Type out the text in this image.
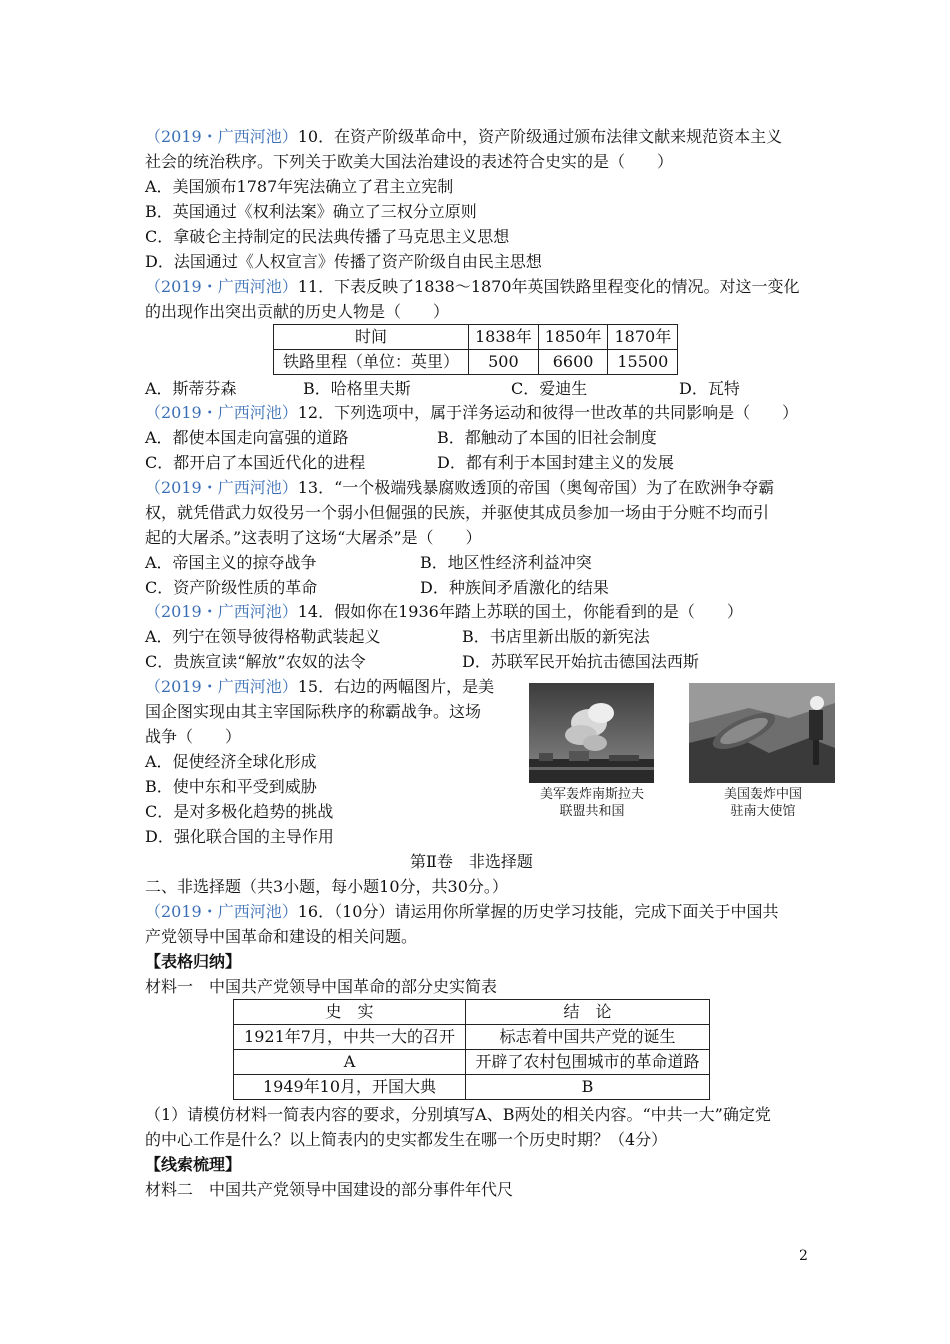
（2019・广西河池）10．在资产阶级革命中，资产阶级通过颁布法律文献来规范资本主义
社会的统治秩序。下列关于欧美大国法治建设的表述符合史实的是（　　）
A．美国颁布1787年宪法确立了君主立宪制
B．英国通过《权利法案》确立了三权分立原则
C．拿破仑主持制定的民法典传播了马克思主义思想
D．法国通过《人权宣言》传播了资产阶级自由民主思想
（2019・广西河池）11．下表反映了1838～1870年英国铁路里程变化的情况。对这一变化
的出现作出突出贡献的历史人物是（　　）
时间	1838年	1850年	1870年
铁路里程（单位：英里）	500	6600	15500
A．斯蒂芬森	B．哈格里夫斯	C．爱迪生	D．瓦特
（2019・广西河池）12．下列选项中，属于洋务运动和彼得一世改革的共同影响是（　　）
A．都使本国走向富强的道路	B．都触动了本国的旧社会制度
C．都开启了本国近代化的进程	D．都有利于本国封建主义的发展
（2019・广西河池）13．“一个极端残暴腐败透顶的帝国（奥匈帝国）为了在欧洲争夺霸
权，就凭借武力奴役另一个弱小但倔强的民族，并驱使其成员参加一场由于分赃不均而引
起的大屠杀。”这表明了这场“大屠杀”是（　　）
A．帝国主义的掠夺战争	B．地区性经济利益冲突
C．资产阶级性质的革命	D．种族间矛盾激化的结果
（2019・广西河池）14．假如你在1936年踏上苏联的国土，你能看到的是（　　）
A．列宁在领导彼得格勒武装起义	B．书店里新出版的新宪法
C．贵族宣读“解放”农奴的法令	D．苏联军民开始抗击德国法西斯
（2019・广西河池）15．右边的两幅图片，是美
国企图实现由其主宰国际秩序的称霸战争。这场
战争（　　）
A．促使经济全球化形成
B．使中东和平受到威胁
C．是对多极化趋势的挑战
D．强化联合国的主导作用
美军轰炸南斯拉夫
联盟共和国
美国轰炸中国
驻南大使馆
第Ⅱ卷　非选择题
二、非选择题（共3小题，每小题10分，共30分。）
（2019・广西河池）16．（10分）请运用你所掌握的历史学习技能，完成下面关于中国共
产党领导中国革命和建设的相关问题。
【表格归纳】
材料一　中国共产党领导中国革命的部分史实简表
史　实	结　论
1921年7月，中共一大的召开	标志着中国共产党的诞生
A	开辟了农村包围城市的革命道路
1949年10月，开国大典	B
（1）请模仿材料一简表内容的要求，分别填写A、B两处的相关内容。“中共一大”确定党
的中心工作是什么？以上简表内的史实都发生在哪一个历史时期？（4分）
【线索梳理】
材料二　中国共产党领导中国建设的部分事件年代尺
2
